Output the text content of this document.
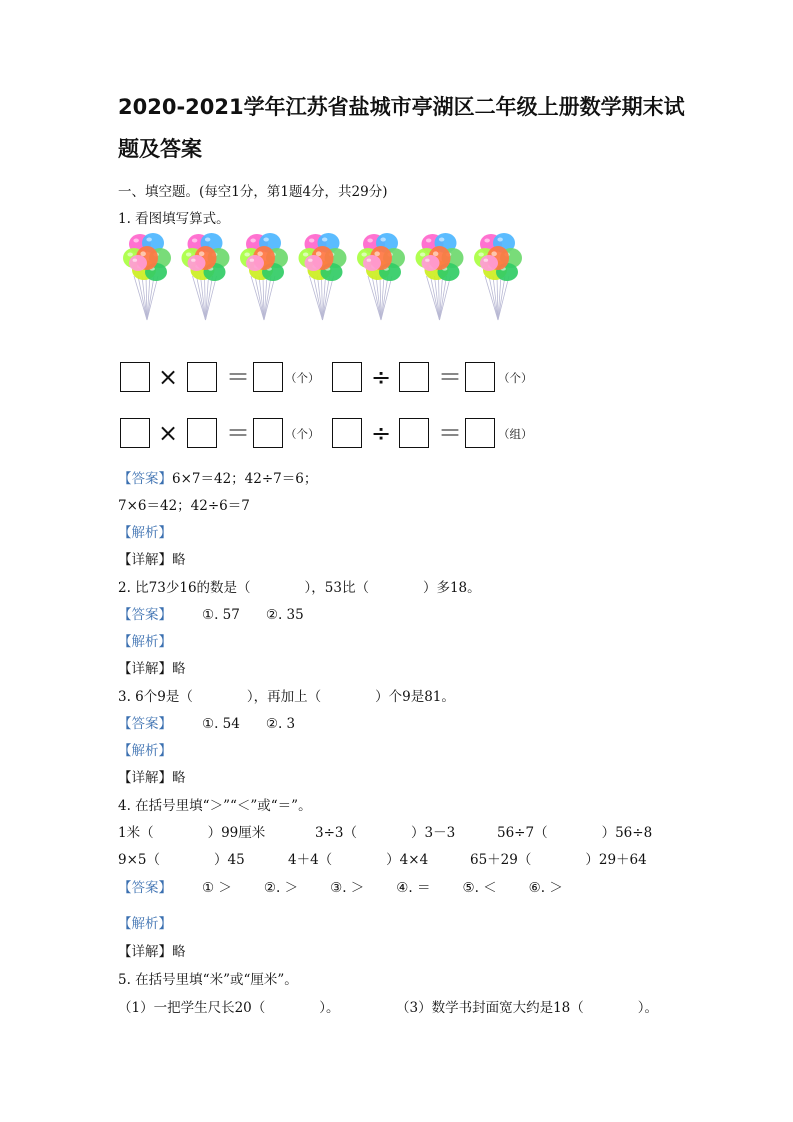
2020-2021学年江苏省盐城市亭湖区二年级上册数学期末试
题及答案
一、填空题。(每空1分，第1题4分，共29分)
1. 看图填写算式。
× ＝	（个） ÷ ＝	（个）
× ＝	（个） ÷ ＝	（组）
【答案】6×7＝42；42÷7＝6；
7×6＝42；42÷6＝7
【解析】
【详解】略
2. 比73少16的数是（　　　　），53比（　　　　）多18。
【答案】 ①. 57 ②. 35
【解析】
【详解】略
3. 6个9是（　　　　），再加上（　　　　）个9是81。
【答案】 ①. 54 ②. 3
【解析】
【详解】略
4. 在括号里填“＞”“＜”或“＝”。
1米（　　　　）99厘米	3÷3（　　　　）3－3	56÷7（　　　　）56÷8
9×5（　　　　）45	4＋4（　　　　）4×4	65＋29（　　　　）29＋64
【答案】 ① ＞ ②. ＞ ③. ＞ ④. ＝ ⑤. ＜ ⑥. ＞
【解析】
【详解】略
5. 在括号里填“米”或“厘米”。
（1）一把学生尺长20（　　　　）。	（3）数学书封面宽大约是18（　　　　）。
